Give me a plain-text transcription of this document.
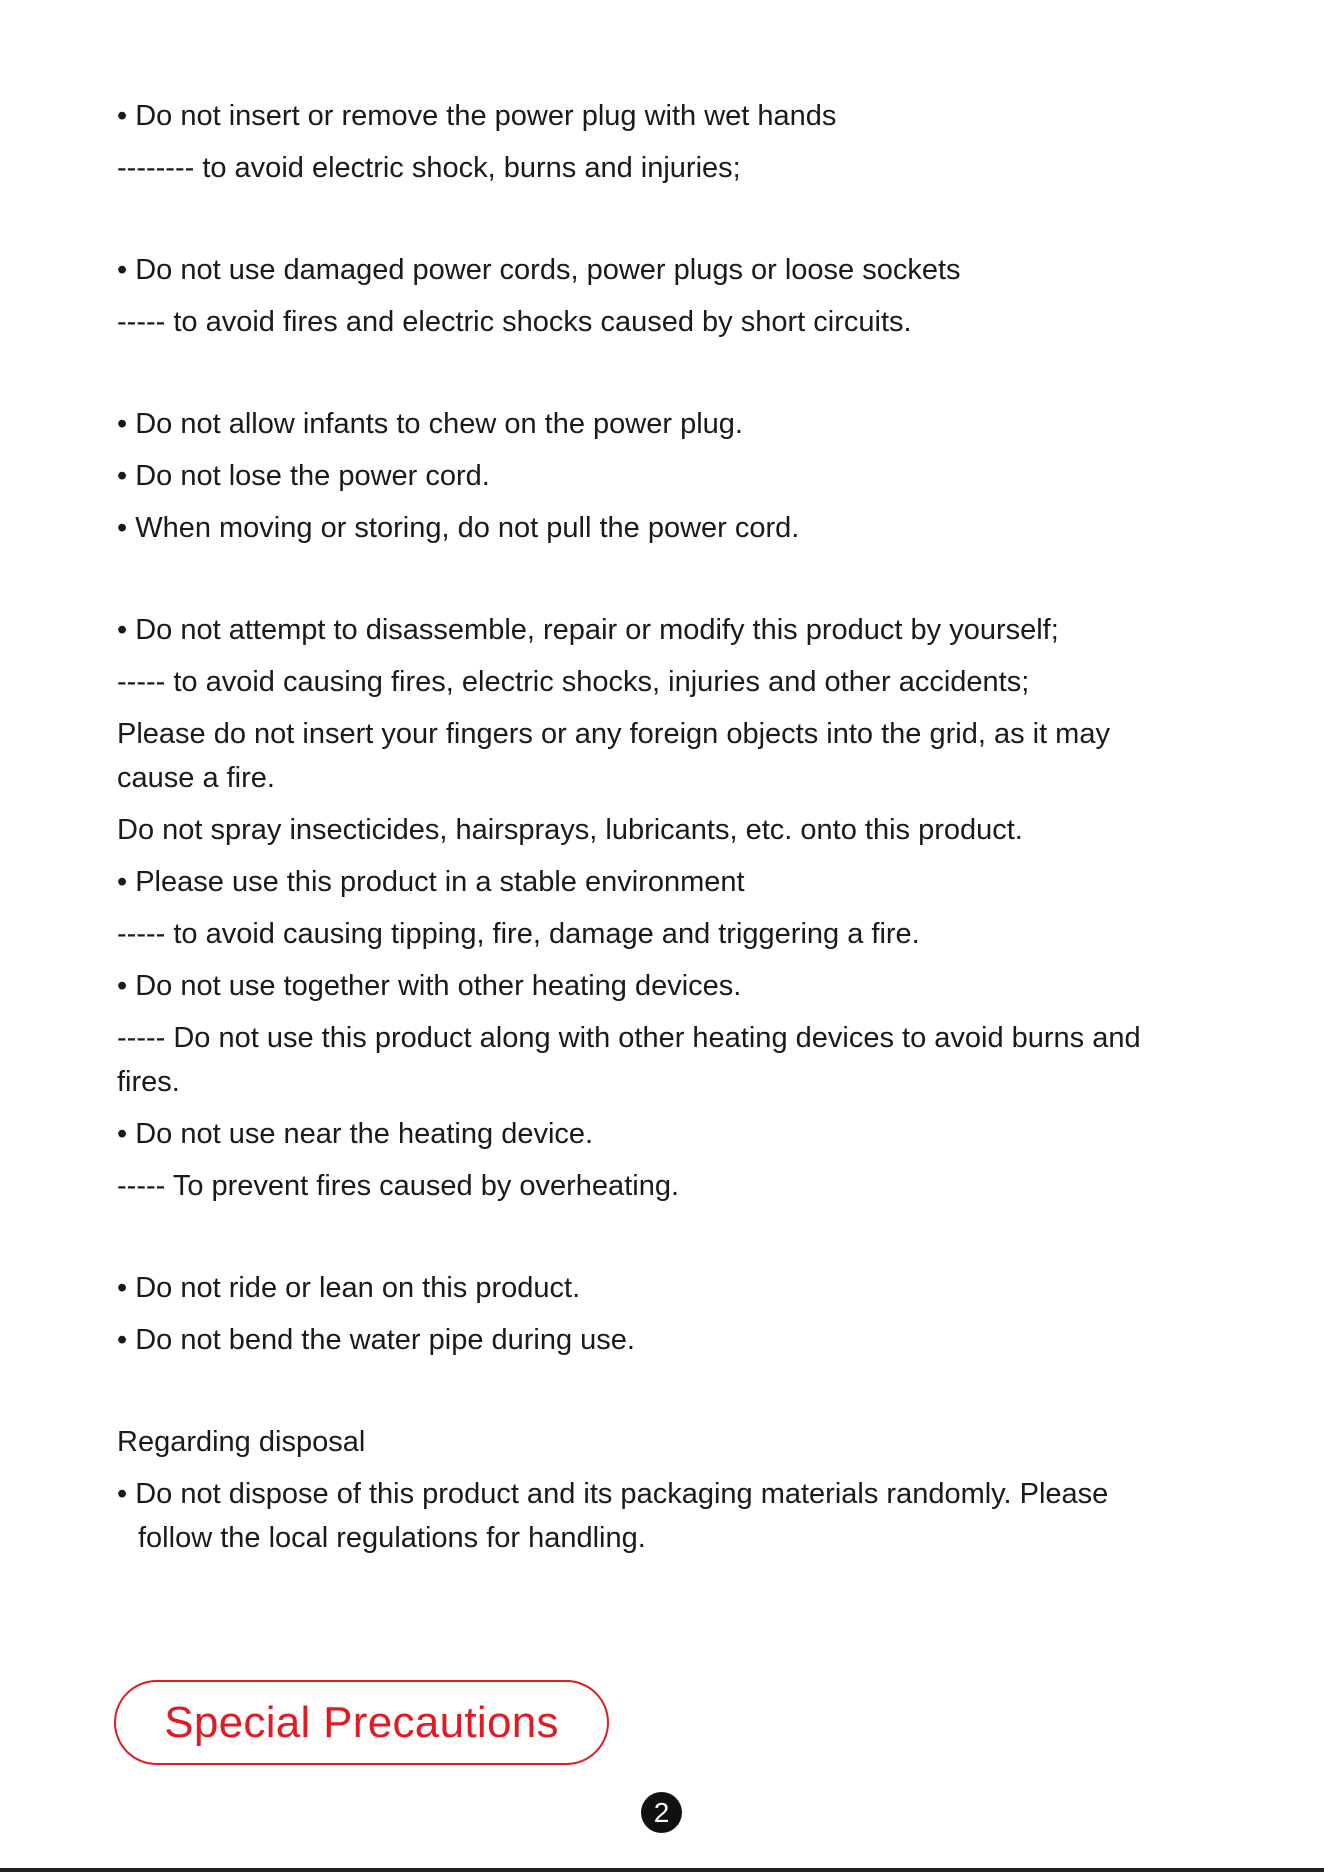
• Do not insert or remove the power plug with wet hands
-------- to avoid electric shock, burns and injuries;
• Do not use damaged power cords, power plugs or loose sockets
----- to avoid fires and electric shocks caused by short circuits.
• Do not allow infants to chew on the power plug.
• Do not lose the power cord.
• When moving or storing, do not pull the power cord.
• Do not attempt to disassemble, repair or modify this product by yourself;
----- to avoid causing fires, electric shocks, injuries and other accidents;
Please do not insert your fingers or any foreign objects into the grid, as it may
cause a fire.
Do not spray insecticides, hairsprays, lubricants, etc. onto this product.
• Please use this product in a stable environment
----- to avoid causing tipping, fire, damage and triggering a fire.
• Do not use together with other heating devices.
----- Do not use this product along with other heating devices to avoid burns and
fires.
• Do not use near the heating device.
----- To prevent fires caused by overheating.
• Do not ride or lean on this product.
• Do not bend the water pipe during use.
Regarding disposal
• Do not dispose of this product and its packaging materials randomly. Please
follow the local regulations for handling.
Special Precautions
2
